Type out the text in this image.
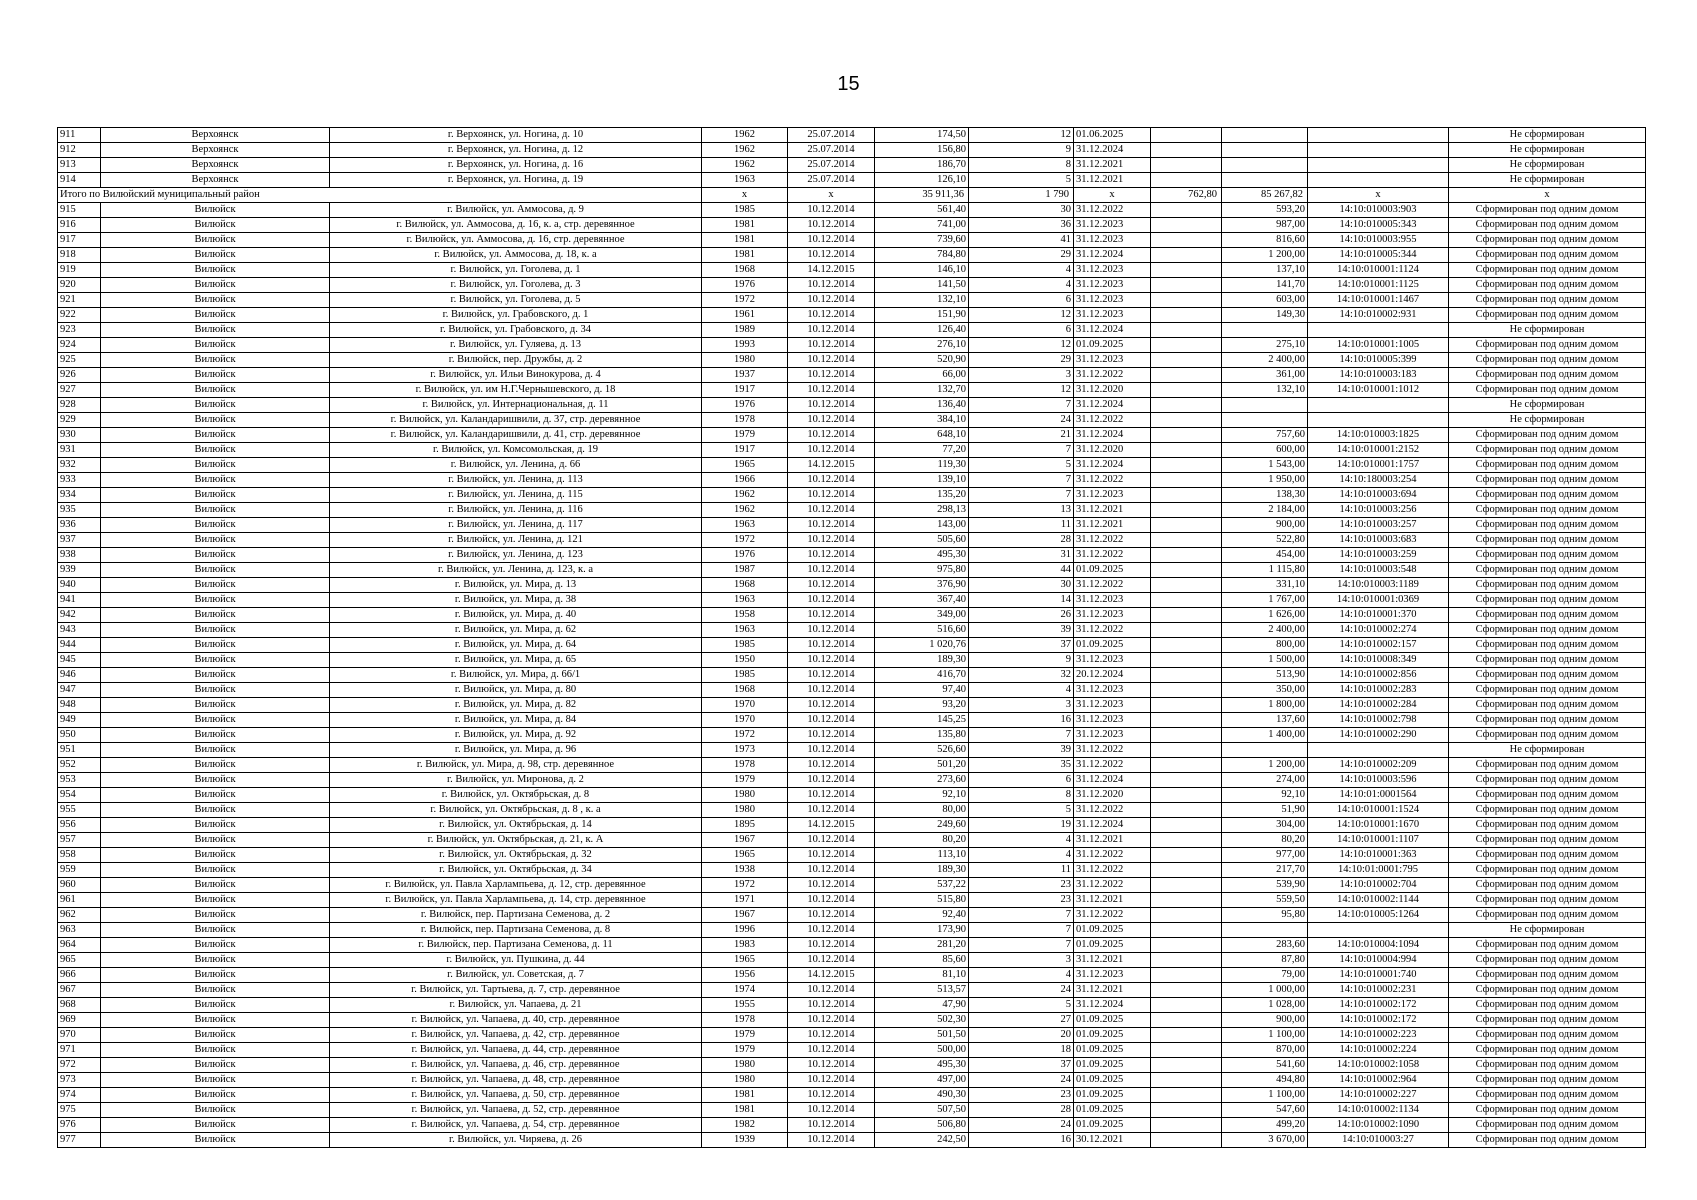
15
911	Верхоянск	г. Верхоянск, ул. Ногина, д. 10	1962	25.07.2014	174,50	12	01.06.2025				Не сформирован
912	Верхоянск	г. Верхоянск, ул. Ногина, д. 12	1962	25.07.2014	156,80	9	31.12.2024				Не сформирован
913	Верхоянск	г. Верхоянск, ул. Ногина, д. 16	1962	25.07.2014	186,70	8	31.12.2021				Не сформирован
914	Верхоянск	г. Верхоянск, ул. Ногина, д. 19	1963	25.07.2014	126,10	5	31.12.2021				Не сформирован
Итого по Вилюйский муниципальный район			x	x	35 911,36	1 790	x	762,80	85 267,82	x	x
915	Вилюйск	г. Вилюйск, ул. Аммосова, д. 9	1985	10.12.2014	561,40	30	31.12.2022		593,20	14:10:010003:903	Сформирован под одним домом
916	Вилюйск	г. Вилюйск, ул. Аммосова, д. 16, к. а, стр. деревянное	1981	10.12.2014	741,00	36	31.12.2023		987,00	14:10:010005:343	Сформирован под одним домом
917	Вилюйск	г. Вилюйск, ул. Аммосова, д. 16, стр. деревянное	1981	10.12.2014	739,60	41	31.12.2023		816,60	14:10:010003:955	Сформирован под одним домом
918	Вилюйск	г. Вилюйск, ул. Аммосова, д. 18, к. а	1981	10.12.2014	784,80	29	31.12.2024		1 200,00	14:10:010005:344	Сформирован под одним домом
919	Вилюйск	г. Вилюйск, ул. Гоголева, д. 1	1968	14.12.2015	146,10	4	31.12.2023		137,10	14:10:010001:1124	Сформирован под одним домом
920	Вилюйск	г. Вилюйск, ул. Гоголева, д. 3	1976	10.12.2014	141,50	4	31.12.2023		141,70	14:10:010001:1125	Сформирован под одним домом
921	Вилюйск	г. Вилюйск, ул. Гоголева, д. 5	1972	10.12.2014	132,10	6	31.12.2023		603,00	14:10:010001:1467	Сформирован под одним домом
922	Вилюйск	г. Вилюйск, ул. Грабовского, д. 1	1961	10.12.2014	151,90	12	31.12.2023		149,30	14:10:010002:931	Сформирован под одним домом
923	Вилюйск	г. Вилюйск, ул. Грабовского, д. 34	1989	10.12.2014	126,40	6	31.12.2024				Не сформирован
924	Вилюйск	г. Вилюйск, ул. Гуляева, д. 13	1993	10.12.2014	276,10	12	01.09.2025		275,10	14:10:010001:1005	Сформирован под одним домом
925	Вилюйск	г. Вилюйск, пер. Дружбы, д. 2	1980	10.12.2014	520,90	29	31.12.2023		2 400,00	14:10:010005:399	Сформирован под одним домом
926	Вилюйск	г. Вилюйск, ул. Ильи Винокурова, д. 4	1937	10.12.2014	66,00	3	31.12.2022		361,00	14:10:010003:183	Сформирован под одним домом
927	Вилюйск	г. Вилюйск, ул. им Н.Г.Чернышевского, д. 18	1917	10.12.2014	132,70	12	31.12.2020		132,10	14:10:010001:1012	Сформирован под одним домом
928	Вилюйск	г. Вилюйск, ул. Интернациональная, д. 11	1976	10.12.2014	136,40	7	31.12.2024				Не сформирован
929	Вилюйск	г. Вилюйск, ул. Каландаришвили, д. 37, стр. деревянное	1978	10.12.2014	384,10	24	31.12.2022				Не сформирован
930	Вилюйск	г. Вилюйск, ул. Каландаришвили, д. 41, стр. деревянное	1979	10.12.2014	648,10	21	31.12.2024		757,60	14:10:010003:1825	Сформирован под одним домом
931	Вилюйск	г. Вилюйск, ул. Комсомольская, д. 19	1917	10.12.2014	77,20	7	31.12.2020		600,00	14:10:010001:2152	Сформирован под одним домом
932	Вилюйск	г. Вилюйск, ул. Ленина, д. 66	1965	14.12.2015	119,30	5	31.12.2024		1 543,00	14:10:010001:1757	Сформирован под одним домом
933	Вилюйск	г. Вилюйск, ул. Ленина, д. 113	1966	10.12.2014	139,10	7	31.12.2022		1 950,00	14:10:180003:254	Сформирован под одним домом
934	Вилюйск	г. Вилюйск, ул. Ленина, д. 115	1962	10.12.2014	135,20	7	31.12.2023		138,30	14:10:010003:694	Сформирован под одним домом
935	Вилюйск	г. Вилюйск, ул. Ленина, д. 116	1962	10.12.2014	298,13	13	31.12.2021		2 184,00	14:10:010003:256	Сформирован под одним домом
936	Вилюйск	г. Вилюйск, ул. Ленина, д. 117	1963	10.12.2014	143,00	11	31.12.2021		900,00	14:10:010003:257	Сформирован под одним домом
937	Вилюйск	г. Вилюйск, ул. Ленина, д. 121	1972	10.12.2014	505,60	28	31.12.2022		522,80	14:10:010003:683	Сформирован под одним домом
938	Вилюйск	г. Вилюйск, ул. Ленина, д. 123	1976	10.12.2014	495,30	31	31.12.2022		454,00	14:10:010003:259	Сформирован под одним домом
939	Вилюйск	г. Вилюйск, ул. Ленина, д. 123, к. а	1987	10.12.2014	975,80	44	01.09.2025		1 115,80	14:10:010003:548	Сформирован под одним домом
940	Вилюйск	г. Вилюйск, ул. Мира, д. 13	1968	10.12.2014	376,90	30	31.12.2022		331,10	14:10:010003:1189	Сформирован под одним домом
941	Вилюйск	г. Вилюйск, ул. Мира, д. 38	1963	10.12.2014	367,40	14	31.12.2023		1 767,00	14:10:010001:0369	Сформирован под одним домом
942	Вилюйск	г. Вилюйск, ул. Мира, д. 40	1958	10.12.2014	349,00	26	31.12.2023		1 626,00	14:10:010001:370	Сформирован под одним домом
943	Вилюйск	г. Вилюйск, ул. Мира, д. 62	1963	10.12.2014	516,60	39	31.12.2022		2 400,00	14:10:010002:274	Сформирован под одним домом
944	Вилюйск	г. Вилюйск, ул. Мира, д. 64	1985	10.12.2014	1 020,76	37	01.09.2025		800,00	14:10:010002:157	Сформирован под одним домом
945	Вилюйск	г. Вилюйск, ул. Мира, д. 65	1950	10.12.2014	189,30	9	31.12.2023		1 500,00	14:10:010008:349	Сформирован под одним домом
946	Вилюйск	г. Вилюйск, ул. Мира, д. 66/1	1985	10.12.2014	416,70	32	20.12.2024		513,90	14:10:010002:856	Сформирован под одним домом
947	Вилюйск	г. Вилюйск, ул. Мира, д. 80	1968	10.12.2014	97,40	4	31.12.2023		350,00	14:10:010002:283	Сформирован под одним домом
948	Вилюйск	г. Вилюйск, ул. Мира, д. 82	1970	10.12.2014	93,20	3	31.12.2023		1 800,00	14:10:010002:284	Сформирован под одним домом
949	Вилюйск	г. Вилюйск, ул. Мира, д. 84	1970	10.12.2014	145,25	16	31.12.2023		137,60	14:10:010002:798	Сформирован под одним домом
950	Вилюйск	г. Вилюйск, ул. Мира, д. 92	1972	10.12.2014	135,80	7	31.12.2023		1 400,00	14:10:010002:290	Сформирован под одним домом
951	Вилюйск	г. Вилюйск, ул. Мира, д. 96	1973	10.12.2014	526,60	39	31.12.2022				Не сформирован
952	Вилюйск	г. Вилюйск, ул. Мира, д. 98, стр. деревянное	1978	10.12.2014	501,20	35	31.12.2022		1 200,00	14:10:010002:209	Сформирован под одним домом
953	Вилюйск	г. Вилюйск, ул. Миронова, д. 2	1979	10.12.2014	273,60	6	31.12.2024		274,00	14:10:010003:596	Сформирован под одним домом
954	Вилюйск	г. Вилюйск, ул. Октябрьская, д. 8	1980	10.12.2014	92,10	8	31.12.2020		92,10	14:10:01:0001564	Сформирован под одним домом
955	Вилюйск	г. Вилюйск, ул. Октябрьская, д. 8 , к. а	1980	10.12.2014	80,00	5	31.12.2022		51,90	14:10:010001:1524	Сформирован под одним домом
956	Вилюйск	г. Вилюйск, ул. Октябрьская, д. 14	1895	14.12.2015	249,60	19	31.12.2024		304,00	14:10:010001:1670	Сформирован под одним домом
957	Вилюйск	г. Вилюйск, ул. Октябрьская, д. 21, к. А	1967	10.12.2014	80,20	4	31.12.2021		80,20	14:10:010001:1107	Сформирован под одним домом
958	Вилюйск	г. Вилюйск, ул. Октябрьская, д. 32	1965	10.12.2014	113,10	4	31.12.2022		977,00	14:10:010001:363	Сформирован под одним домом
959	Вилюйск	г. Вилюйск, ул. Октябрьская, д. 34	1938	10.12.2014	189,30	11	31.12.2022		217,70	14:10:01:0001:795	Сформирован под одним домом
960	Вилюйск	г. Вилюйск, ул. Павла Харлампьева, д. 12, стр. деревянное	1972	10.12.2014	537,22	23	31.12.2022		539,90	14:10:010002:704	Сформирован под одним домом
961	Вилюйск	г. Вилюйск, ул. Павла Харлампьева, д. 14, стр. деревянное	1971	10.12.2014	515,80	23	31.12.2021		559,50	14:10:010002:1144	Сформирован под одним домом
962	Вилюйск	г. Вилюйск, пер. Партизана Семенова, д. 2	1967	10.12.2014	92,40	7	31.12.2022		95,80	14:10:010005:1264	Сформирован под одним домом
963	Вилюйск	г. Вилюйск, пер. Партизана Семенова, д. 8	1996	10.12.2014	173,90	7	01.09.2025				Не сформирован
964	Вилюйск	г. Вилюйск, пер. Партизана Семенова, д. 11	1983	10.12.2014	281,20	7	01.09.2025		283,60	14:10:010004:1094	Сформирован под одним домом
965	Вилюйск	г. Вилюйск, ул. Пушкина, д. 44	1965	10.12.2014	85,60	3	31.12.2021		87,80	14:10:010004:994	Сформирован под одним домом
966	Вилюйск	г. Вилюйск, ул. Советская, д. 7	1956	14.12.2015	81,10	4	31.12.2023		79,00	14:10:010001:740	Сформирован под одним домом
967	Вилюйск	г. Вилюйск, ул. Тартыева, д. 7, стр. деревянное	1974	10.12.2014	513,57	24	31.12.2021		1 000,00	14:10:010002:231	Сформирован под одним домом
968	Вилюйск	г. Вилюйск, ул. Чапаева, д. 21	1955	10.12.2014	47,90	5	31.12.2024		1 028,00	14:10:010002:172	Сформирован под одним домом
969	Вилюйск	г. Вилюйск, ул. Чапаева, д. 40, стр. деревянное	1978	10.12.2014	502,30	27	01.09.2025		900,00	14:10:010002:172	Сформирован под одним домом
970	Вилюйск	г. Вилюйск, ул. Чапаева, д. 42, стр. деревянное	1979	10.12.2014	501,50	20	01.09.2025		1 100,00	14:10:010002:223	Сформирован под одним домом
971	Вилюйск	г. Вилюйск, ул. Чапаева, д. 44, стр. деревянное	1979	10.12.2014	500,00	18	01.09.2025		870,00	14:10:010002:224	Сформирован под одним домом
972	Вилюйск	г. Вилюйск, ул. Чапаева, д. 46, стр. деревянное	1980	10.12.2014	495,30	37	01.09.2025		541,60	14:10:010002:1058	Сформирован под одним домом
973	Вилюйск	г. Вилюйск, ул. Чапаева, д. 48, стр. деревянное	1980	10.12.2014	497,00	24	01.09.2025		494,80	14:10:010002:964	Сформирован под одним домом
974	Вилюйск	г. Вилюйск, ул. Чапаева, д. 50, стр. деревянное	1981	10.12.2014	490,30	23	01.09.2025		1 100,00	14:10:010002:227	Сформирован под одним домом
975	Вилюйск	г. Вилюйск, ул. Чапаева, д. 52, стр. деревянное	1981	10.12.2014	507,50	28	01.09.2025		547,60	14:10:010002:1134	Сформирован под одним домом
976	Вилюйск	г. Вилюйск, ул. Чапаева, д. 54, стр. деревянное	1982	10.12.2014	506,80	24	01.09.2025		499,20	14:10:010002:1090	Сформирован под одним домом
977	Вилюйск	г. Вилюйск, ул. Чиряева, д. 26	1939	10.12.2014	242,50	16	30.12.2021		3 670,00	14:10:010003:27	Сформирован под одним домом
